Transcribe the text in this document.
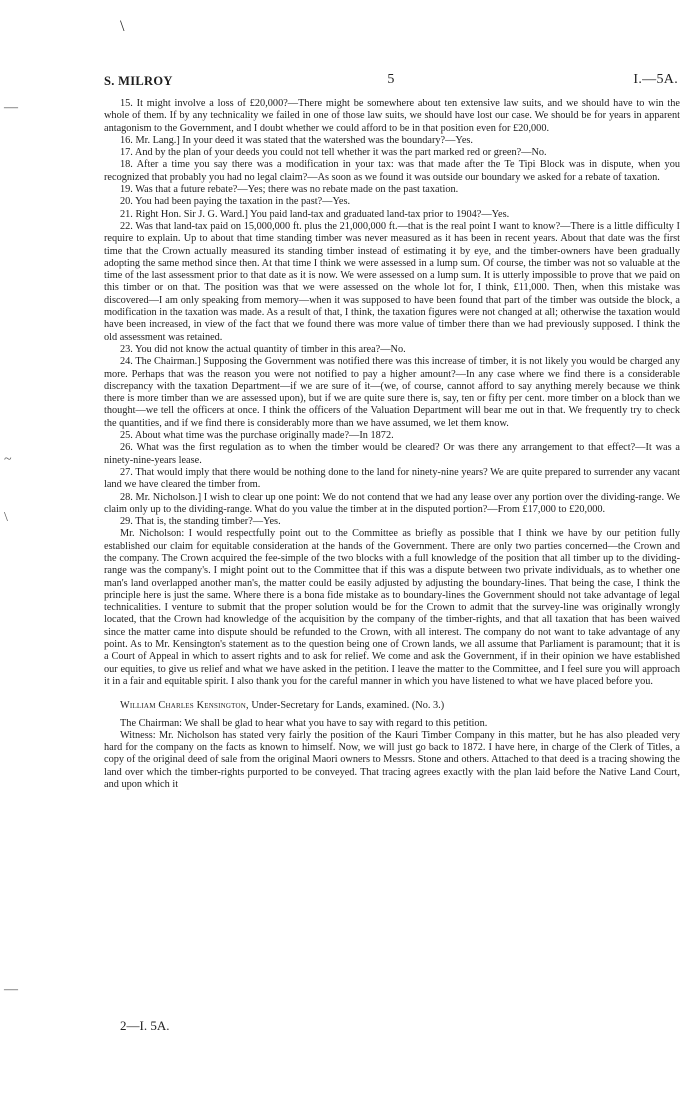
\
—
~
\
—
S. MILROY	5	I.—5A.

15. It might involve a loss of £20,000?—There might be somewhere about ten extensive law suits, and we should have to win the whole of them. If by any technicality we failed in one of those law suits, we should have lost our case. We should be for years in apparent antagonism to the Government, and I doubt whether we could afford to be in that position even for £20,000.

16. Mr. Lang.] In your deed it was stated that the watershed was the boundary?—Yes.

17. And by the plan of your deeds you could not tell whether it was the part marked red or green?—No.

18. After a time you say there was a modification in your tax: was that made after the Te Tipi Block was in dispute, when you recognized that probably you had no legal claim?—As soon as we found it was outside our boundary we asked for a rebate of taxation.

19. Was that a future rebate?—Yes; there was no rebate made on the past taxation.

20. You had been paying the taxation in the past?—Yes.

21. Right Hon. Sir J. G. Ward.] You paid land-tax and graduated land-tax prior to 1904?—Yes.

22. Was that land-tax paid on 15,000,000 ft. plus the 21,000,000 ft.—that is the real point I want to know?—There is a little difficulty I require to explain. Up to about that time standing timber was never measured as it has been in recent years. About that date was the first time that the Crown actually measured its standing timber instead of estimating it by eye, and the timber-owners have been gradually adopting the same method since then. At that time I think we were assessed in a lump sum. Of course, the timber was not so valuable at the time of the last assessment prior to that date as it is now. We were assessed on a lump sum. It is utterly impossible to prove that we paid on this timber or on that. The position was that we were assessed on the whole lot for, I think, £11,000. Then, when this mistake was discovered—I am only speaking from memory—when it was supposed to have been found that part of the timber was outside the block, a modification in the taxation was made. As a result of that, I think, the taxation figures were not changed at all; otherwise the taxation would have been increased, in view of the fact that we found there was more value of timber there than we had previously supposed. I think the old assessment was retained.

23. You did not know the actual quantity of timber in this area?—No.

24. The Chairman.] Supposing the Government was notified there was this increase of timber, it is not likely you would be charged any more. Perhaps that was the reason you were not notified to pay a higher amount?—In any case where we find there is a considerable discrepancy with the taxation Department—if we are sure of it—(we, of course, cannot afford to say anything merely because we think there is more timber than we are assessed upon), but if we are quite sure there is, say, ten or fifty per cent. more timber on a block than we thought—we tell the officers at once. I think the officers of the Valuation Department will bear me out in that. We frequently try to check the quantities, and if we find there is considerably more than we have assumed, we let them know.

25. About what time was the purchase originally made?—In 1872.

26. What was the first regulation as to when the timber would be cleared? Or was there any arrangement to that effect?—It was a ninety-nine-years lease.

27. That would imply that there would be nothing done to the land for ninety-nine years? We are quite prepared to surrender any vacant land we have cleared the timber from.

28. Mr. Nicholson.] I wish to clear up one point: We do not contend that we had any lease over any portion over the dividing-range. We claim only up to the dividing-range. What do you value the timber at in the disputed portion?—From £17,000 to £20,000.

29. That is, the standing timber?—Yes.

Mr. Nicholson: I would respectfully point out to the Committee as briefly as possible that I think we have by our petition fully established our claim for equitable consideration at the hands of the Government. There are only two parties concerned—the Crown and the company. The Crown acquired the fee-simple of the two blocks with a full knowledge of the position that all timber up to the dividing-range was the company's. I might point out to the Committee that if this was a dispute between two private individuals, as to whether one man's land overlapped another man's, the matter could be easily adjusted by adjusting the boundary-lines. That being the case, I think the principle here is just the same. Where there is a bona fide mistake as to boundary-lines the Government should not take advantage of legal technicalities. I venture to submit that the proper solution would be for the Crown to admit that the survey-line was originally wrongly located, that the Crown had knowledge of the acquisition by the company of the timber-rights, and that all taxation that has been waived since the matter came into dispute should be refunded to the Crown, with all interest. The company do not want to take advantage of any point. As to Mr. Kensington's statement as to the question being one of Crown lands, we all assume that Parliament is paramount; that it is a Court of Appeal in which to assert rights and to ask for relief. We come and ask the Government, if in their opinion we have established our equities, to give us relief and what we have asked in the petition. I leave the matter to the Committee, and I feel sure you will approach it in a fair and equitable spirit. I also thank you for the careful manner in which you have listened to what we have placed before you.

William Charles Kensington, Under-Secretary for Lands, examined. (No. 3.)

The Chairman: We shall be glad to hear what you have to say with regard to this petition.

Witness: Mr. Nicholson has stated very fairly the position of the Kauri Timber Company in this matter, but he has also pleaded very hard for the company on the facts as known to himself. Now, we will just go back to 1872. I have here, in charge of the Clerk of Titles, a copy of the original deed of sale from the original Maori owners to Messrs. Stone and others. Attached to that deed is a tracing showing the land over which the timber-rights purported to be conveyed. That tracing agrees exactly with the plan laid before the Native Land Court, and upon which it

2—I. 5A.
